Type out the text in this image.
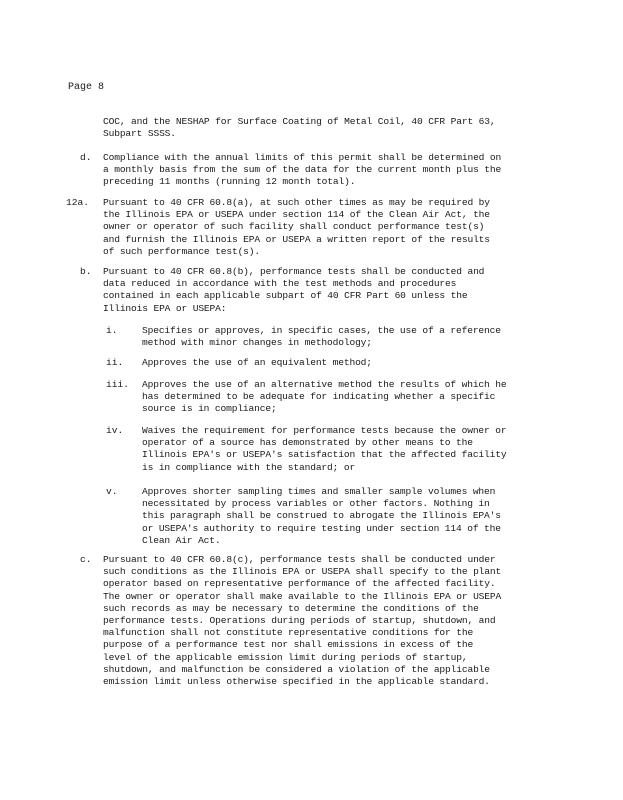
Page 8
COC, and the NESHAP for Surface Coating of Metal Coil, 40 CFR Part 63,
Subpart SSSS.
d. Compliance with the annual limits of this permit shall be determined on
a monthly basis from the sum of the data for the current month plus the
preceding 11 months (running 12 month total).
12a. Pursuant to 40 CFR 60.8(a), at such other times as may be required by
the Illinois EPA or USEPA under section 114 of the Clean Air Act, the
owner or operator of such facility shall conduct performance test(s)
and furnish the Illinois EPA or USEPA a written report of the results
of such performance test(s).
b. Pursuant to 40 CFR 60.8(b), performance tests shall be conducted and
data reduced in accordance with the test methods and procedures
contained in each applicable subpart of 40 CFR Part 60 unless the
Illinois EPA or USEPA:
i.	Specifies or approves, in specific cases, the use of a reference
method with minor changes in methodology;
ii. Approves the use of an equivalent method;
iii. Approves the use of an alternative method the results of which he
has determined to be adequate for indicating whether a specific
source is in compliance;
iv. Waives the requirement for performance tests because the owner or
operator of a source has demonstrated by other means to the
Illinois EPA's or USEPA's satisfaction that the affected facility
is in compliance with the standard; or
v.	Approves shorter sampling times and smaller sample volumes when
necessitated by process variables or other factors. Nothing in
this paragraph shall be construed to abrogate the Illinois EPA's
or USEPA's authority to require testing under section 114 of the
Clean Air Act.
c. Pursuant to 40 CFR 60.8(c), performance tests shall be conducted under
such conditions as the Illinois EPA or USEPA shall specify to the plant
operator based on representative performance of the affected facility.
The owner or operator shall make available to the Illinois EPA or USEPA
such records as may be necessary to determine the conditions of the
performance tests. Operations during periods of startup, shutdown, and
malfunction shall not constitute representative conditions for the
purpose of a performance test nor shall emissions in excess of the
level of the applicable emission limit during periods of startup,
shutdown, and malfunction be considered a violation of the applicable
emission limit unless otherwise specified in the applicable standard.
